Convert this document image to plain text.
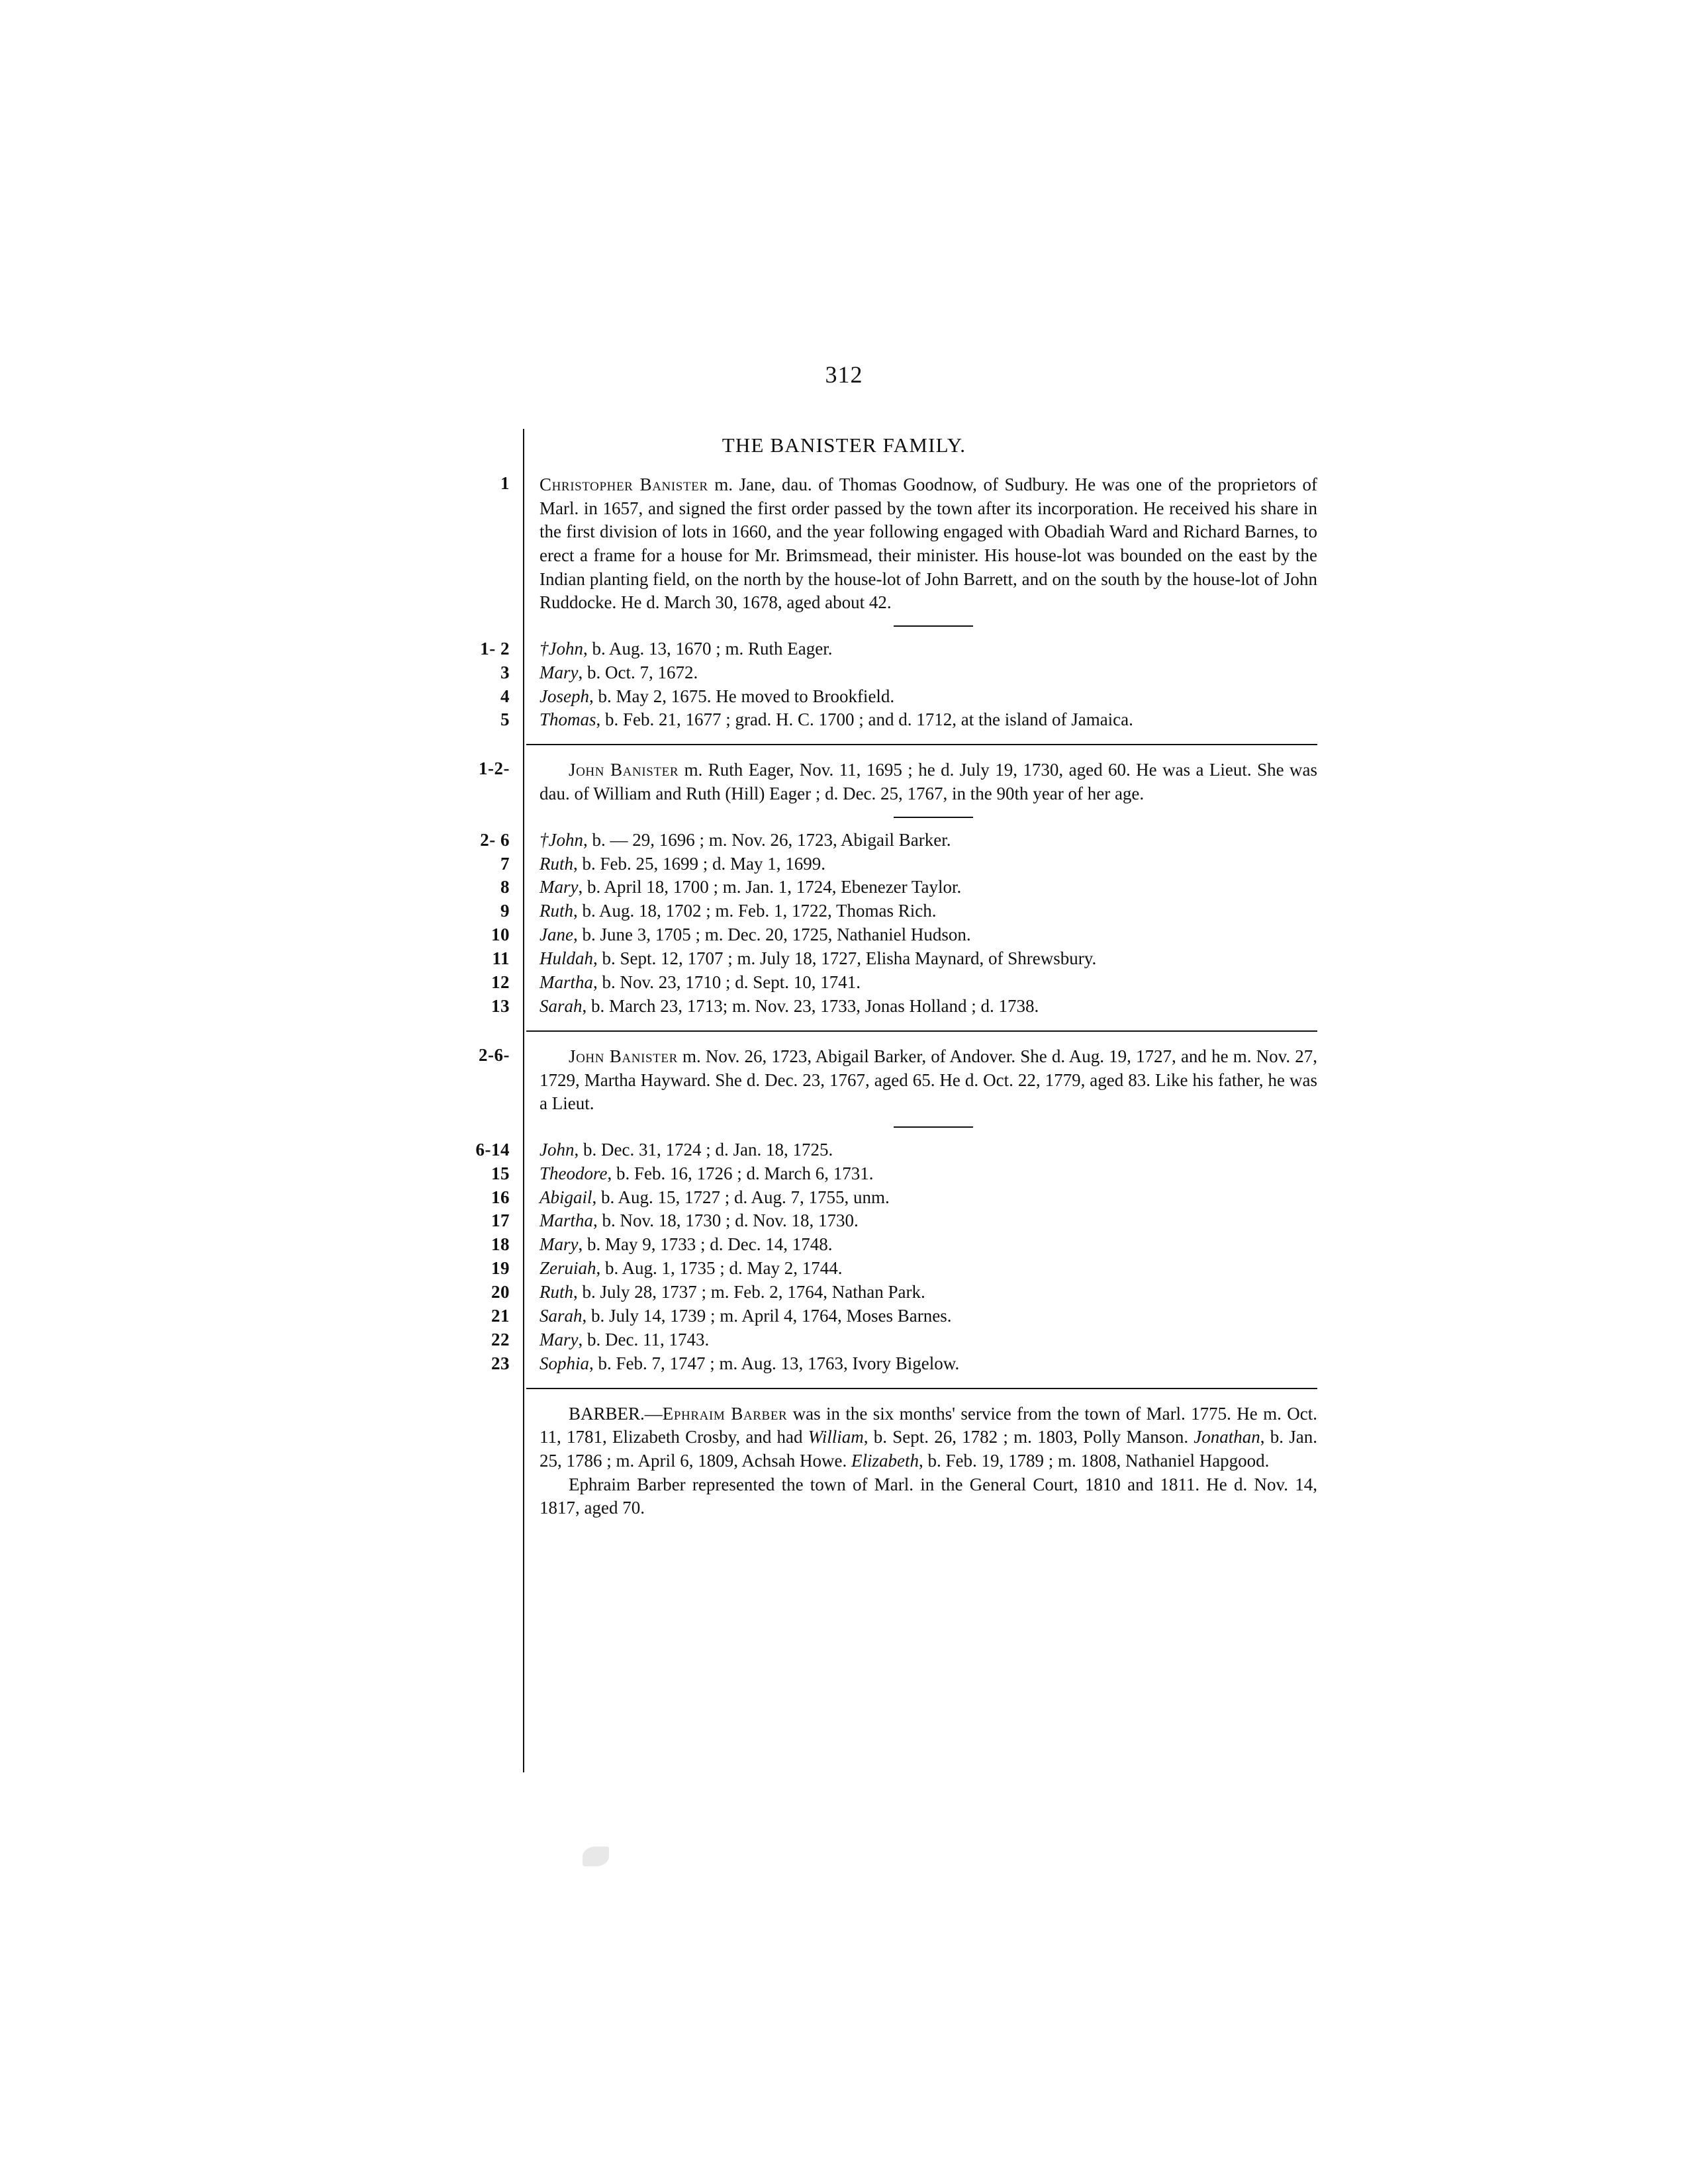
312
THE BANISTER FAMILY.
1 Christopher Banister m. Jane, dau. of Thomas Goodnow, of Sudbury. He was one of the proprietors of Marl. in 1657, and signed the first order passed by the town after its incorporation. He received his share in the first division of lots in 1660, and the year following engaged with Obadiah Ward and Richard Barnes, to erect a frame for a house for Mr. Brimsmead, their minister. His house-lot was bounded on the east by the Indian planting field, on the north by the house-lot of John Barrett, and on the south by the house-lot of John Ruddocke. He d. March 30, 1678, aged about 42.
1- 2 †John, b. Aug. 13, 1670 ; m. Ruth Eager.
3 Mary, b. Oct. 7, 1672.
4 Joseph, b. May 2, 1675. He moved to Brookfield.
5 Thomas, b. Feb. 21, 1677 ; grad. H. C. 1700 ; and d. 1712, at the island of Jamaica.
1-2-	John Banister m. Ruth Eager, Nov. 11, 1695 ; he d. July 19, 1730, aged 60. He was a Lieut. She was dau. of William and Ruth (Hill) Eager ; d. Dec. 25, 1767, in the 90th year of her age.
2- 6 †John, b. — 29, 1696 ; m. Nov. 26, 1723, Abigail Barker.
7 Ruth, b. Feb. 25, 1699 ; d. May 1, 1699.
8 Mary, b. April 18, 1700 ; m. Jan. 1, 1724, Ebenezer Taylor.
9 Ruth, b. Aug. 18, 1702 ; m. Feb. 1, 1722, Thomas Rich.
10 Jane, b. June 3, 1705 ; m. Dec. 20, 1725, Nathaniel Hudson.
11 Huldah, b. Sept. 12, 1707 ; m. July 18, 1727, Elisha Maynard, of Shrewsbury.
12 Martha, b. Nov. 23, 1710 ; d. Sept. 10, 1741.
13 Sarah, b. March 23, 1713; m. Nov. 23, 1733, Jonas Holland ; d. 1738.
2-6-	John Banister m. Nov. 26, 1723, Abigail Barker, of Andover. She d. Aug. 19, 1727, and he m. Nov. 27, 1729, Martha Hayward. She d. Dec. 23, 1767, aged 65. He d. Oct. 22, 1779, aged 83. Like his father, he was a Lieut.
6-14 John, b. Dec. 31, 1724 ; d. Jan. 18, 1725.
15 Theodore, b. Feb. 16, 1726 ; d. March 6, 1731.
16 Abigail, b. Aug. 15, 1727 ; d. Aug. 7, 1755, unm.
17 Martha, b. Nov. 18, 1730 ; d. Nov. 18, 1730.
18 Mary, b. May 9, 1733 ; d. Dec. 14, 1748.
19 Zeruiah, b. Aug. 1, 1735 ; d. May 2, 1744.
20 Ruth, b. July 28, 1737 ; m. Feb. 2, 1764, Nathan Park.
21 Sarah, b. July 14, 1739 ; m. April 4, 1764, Moses Barnes.
22 Mary, b. Dec. 11, 1743.
23 Sophia, b. Feb. 7, 1747 ; m. Aug. 13, 1763, Ivory Bigelow.
BARBER.—Ephraim Barber was in the six months' service from the town of Marl. 1775. He m. Oct. 11, 1781, Elizabeth Crosby, and had William, b. Sept. 26, 1782 ; m. 1803, Polly Manson. Jonathan, b. Jan. 25, 1786 ; m. April 6, 1809, Achsah Howe. Elizabeth, b. Feb. 19, 1789 ; m. 1808, Nathaniel Hapgood.
Ephraim Barber represented the town of Marl. in the General Court, 1810 and 1811. He d. Nov. 14, 1817, aged 70.
